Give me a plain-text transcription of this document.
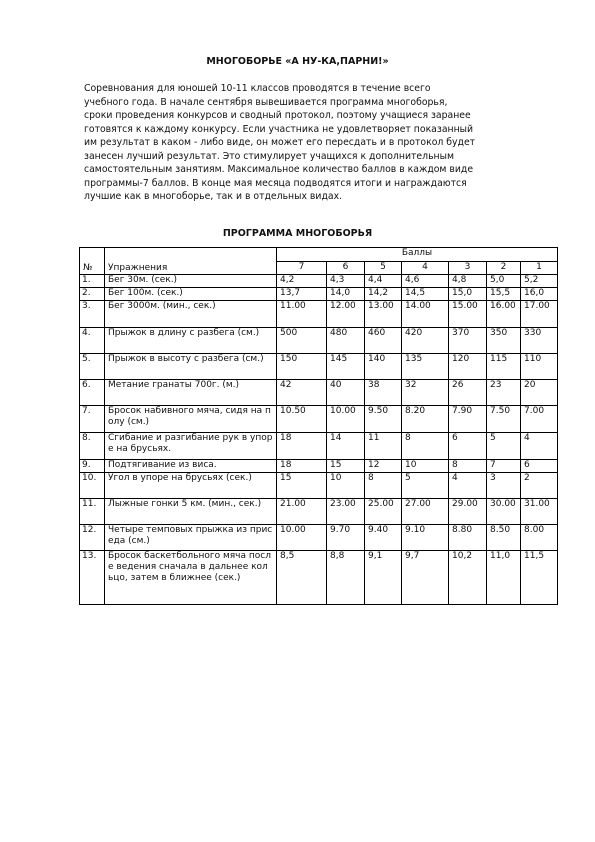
МНОГОБОРЬЕ «А НУ-КА,ПАРНИ!»
Соревнования для юношей 10-11 классов проводятся в течение всего
учебного года. В начале сентября вывешивается программа многоборья,
сроки проведения конкурсов и сводный протокол, поэтому учащиеся заранее
готовятся к каждому конкурсу. Если участника не удовлетворяет показанный
им результат в каком - либо виде, он может его пересдать и в протокол будет
занесен лучший результат. Это стимулирует учащихся к дополнительным
самостоятельным занятиям. Максимальное количество баллов в каждом виде
программы-7 баллов. В конце мая месяца подводятся итоги и награждаются
лучшие как в многоборье, так и в отдельных видах.
ПРОГРАММА МНОГОБОРЬЯ
№	Упражнения	Баллы						
		7	6	5	4	3	2	1
1.	Бег 30м. (сек.)	4,2	4,3	4,4	4,6	4,8	5,0	5,2
2.	Бег 100м. (сек.)	13,7	14,0	14,2	14,5	15,0	15,5	16,0
3.	Бег 3000м. (мин., сек.)	11.00	12.00	13.00	14.00	15.00	16.00	17.00
4.	Прыжок в длину с разбега (см.)	500	480	460	420	370	350	330
5.	Прыжок в высоту с разбега (см.)	150	145	140	135	120	115	110
6.	Метание гранаты 700г. (м.)	42	40	38	32	26	23	20
7.	Бросок набивного мяча, сидя на полу (см.)	10.50	10.00	9.50	8.20	7.90	7.50	7.00
8.	Сгибание и разгибание рук в упоре на брусьях.	18	14	11	8	6	5	4
9.	Подтягивание из виса.	18	15	12	10	8	7	6
10.	Угол в упоре на брусьях (сек.)	15	10	8	5	4	3	2
11.	Лыжные гонки 5 км. (мин., сек.)	21.00	23.00	25.00	27.00	29.00	30.00	31.00
12.	Четыре темповых прыжка из приседа (см.)	10.00	9.70	9.40	9.10	8.80	8.50	8.00
13.	Бросок баскетбольного мяча после ведения сначала в дальнее кольцо, затем в ближнее (сек.)	8,5	8,8	9,1	9,7	10,2	11,0	11,5
